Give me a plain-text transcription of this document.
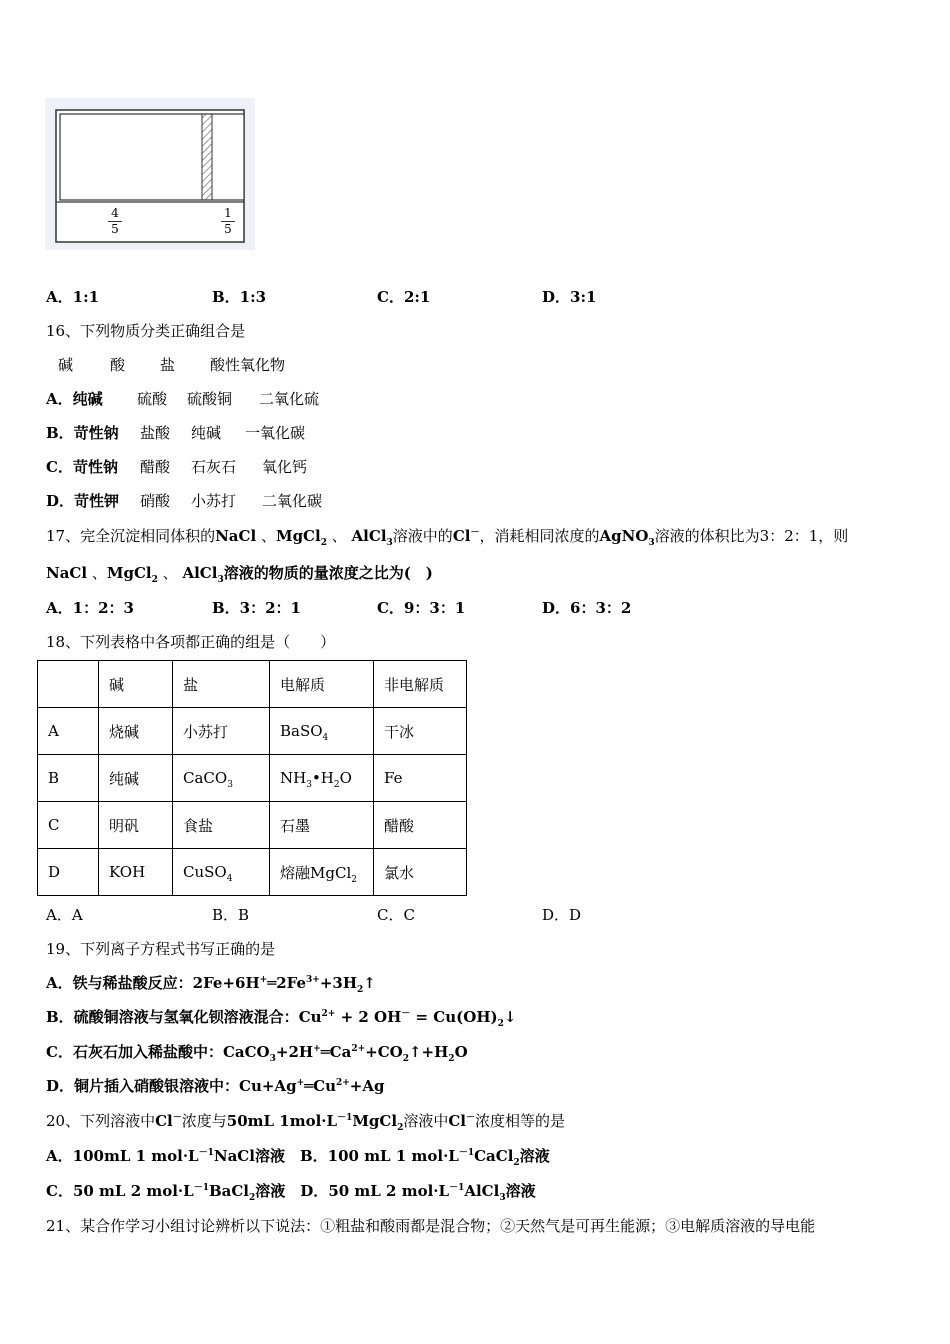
4
5
1
5
A．1:1	B．1:3	C．2:1	D．3:1
16、下列物质分类正确组合是
碱 酸 盐 酸性氧化物
A．纯碱 硫酸 硫酸铜 二氧化硫
B．苛性钠 盐酸 纯碱 一氧化碳
C．苛性钠 醋酸 石灰石 氧化钙
D．苛性钾 硝酸 小苏打 二氧化碳
17、完全沉淀相同体积的NaCl 、MgCl$_2$ 、 AlCl$_3$溶液中的Cl－，消耗相同浓度的AgNO$_3$溶液的体积比为3：2：1，则
NaCl 、MgCl$_2$ 、 AlCl$_3$溶液的物质的量浓度之比为(　)
A．1：2：3	B．3：2：1	C．9：3：1	D．6：3：2
18、下列表格中各项都正确的组是（　　）
	碱	盐	电解质	非电解质
A	烧碱	小苏打	BaSO$_4$	干冰
B	纯碱	CaCO$_3$	$NH_3•H_2O$	Fe
C	明矾	食盐	石墨	醋酸
D	KOH	CuSO$_4$	熔融MgCl$_2$	氯水
A．A	B．B	C．C	D．D
19、下列离子方程式书写正确的是
A．铁与稀盐酸反应：$2Fe+6H^+═2Fe^{3+}+3H_2↑$
B．硫酸铜溶液与氢氧化钡溶液混合：$Cu^{2+} + 2$ $OH^- = Cu(OH)_2↓$
C．石灰石加入稀盐酸中：$CaCO_3+2H^+═Ca^{2+}+CO_2↑+H_2O$
D．铜片插入硝酸银溶液中：$Cu+Ag^+═Cu^{2+}+Ag$
20、下列溶液中Cl－浓度与50mL $1mol\cdot L^{-1}MgCl_2$溶液中Cl－浓度相等的是
A．100mL 1 $mol\cdot L^{-1}NaCl$溶液　B．100 mL 1 $mol\cdot L^{-1}CaCl_2$溶液
C．50 mL 2 $mol\cdot L^{-1}BaCl_2$溶液　D．50 mL 2 $mol\cdot L^{-1}AlCl_3$溶液
21、某合作学习小组讨论辨析以下说法：①粗盐和酸雨都是混合物；②天然气是可再生能源；③电解质溶液的导电能
